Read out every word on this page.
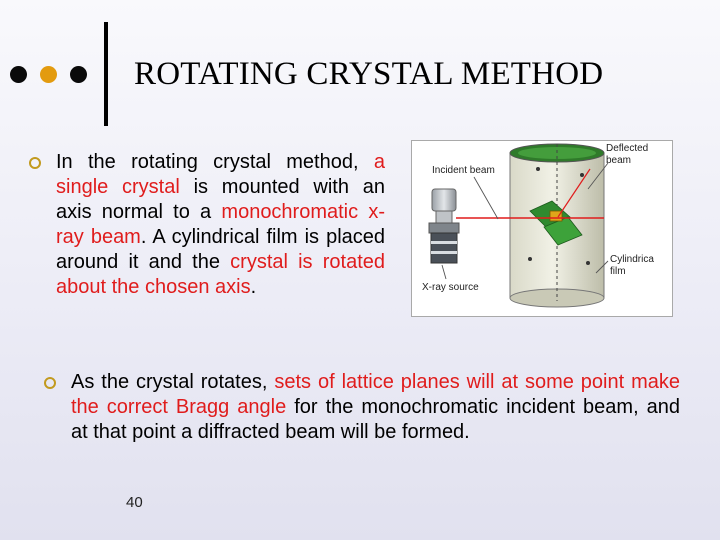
ROTATING CRYSTAL METHOD

In the rotating crystal method, a single crystal is mounted with an axis normal to a monochromatic x-ray beam. A cylindrical film is placed around it and the crystal is rotated about the chosen axis.

Incident beam
Deflected
beam
Cylindrica
film
X-ray source

As the crystal rotates, sets of lattice planes will at some point make the correct Bragg angle for the monochromatic incident beam, and at that point a diffracted beam will be formed.

40
